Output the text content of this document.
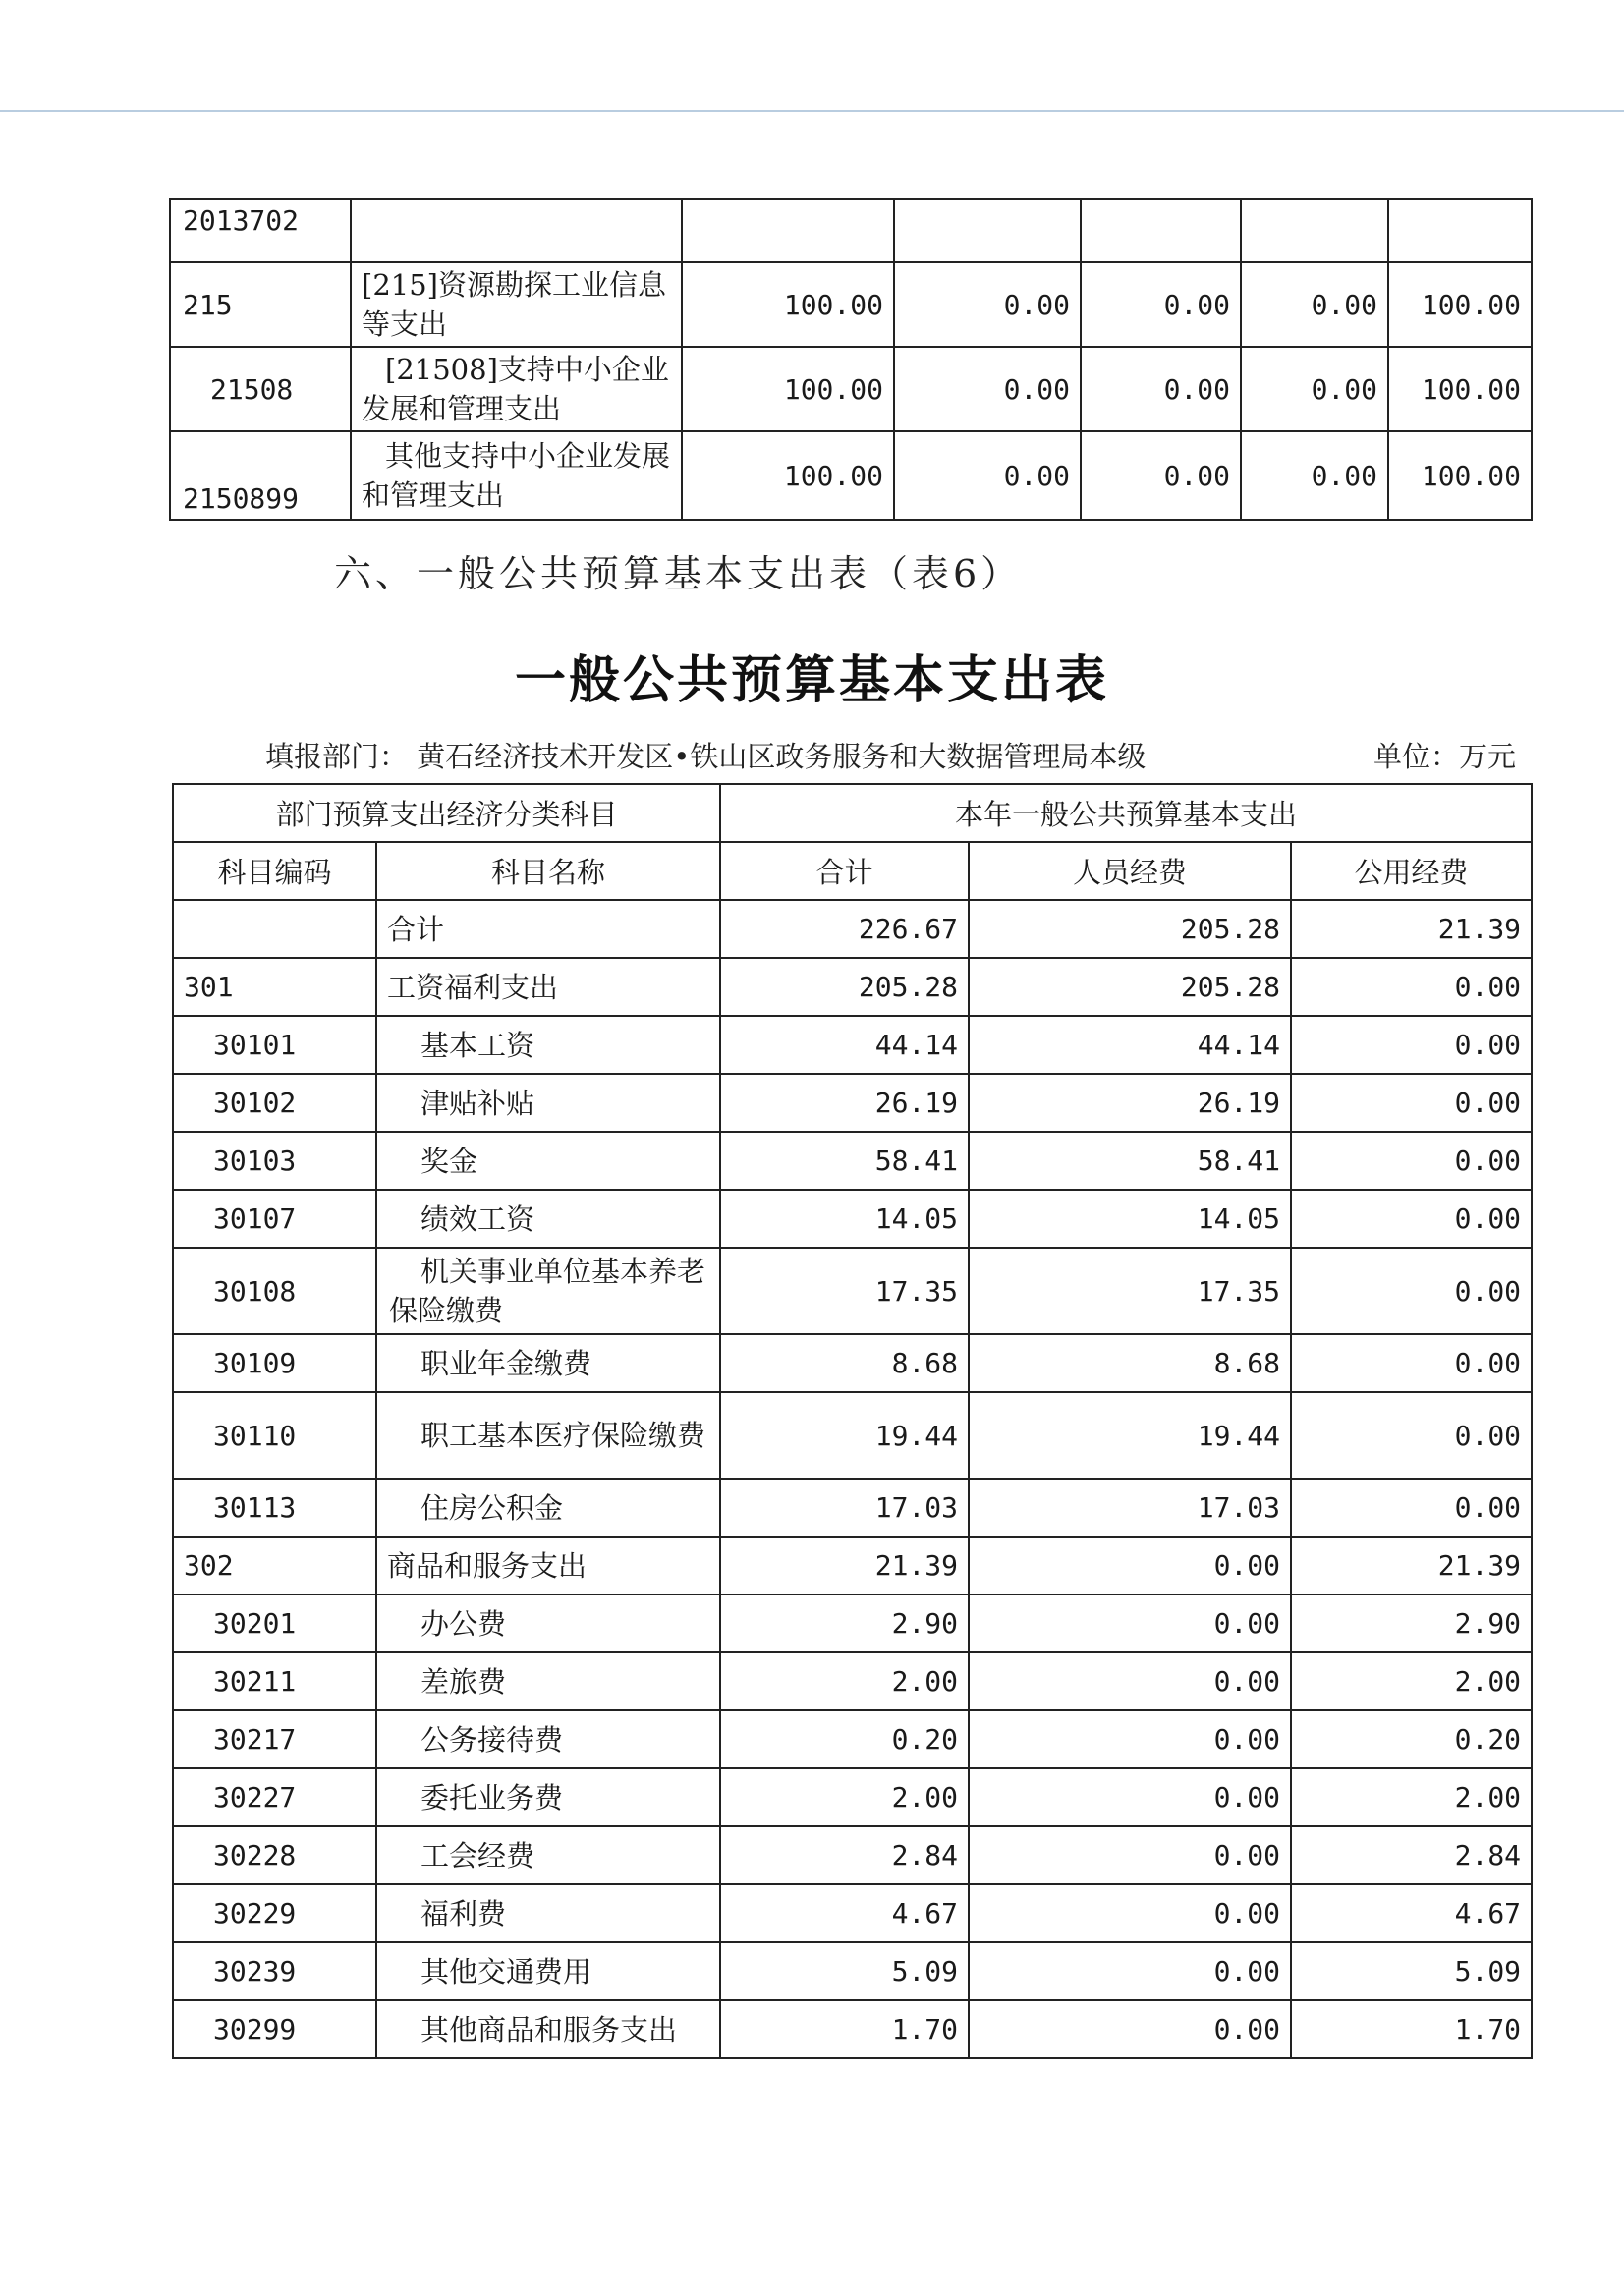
2013702						
215	[215]资源勘探工业信息等支出	100.00	0.00	0.00	0.00	100.00
21508	[21508]支持中小企业发展和管理支出	100.00	0.00	0.00	0.00	100.00
2150899	其他支持中小企业发展和管理支出	100.00	0.00	0.00	0.00	100.00
六、一般公共预算基本支出表（表6）
一般公共预算基本支出表
填报部门： 黄石经济技术开发区•铁山区政务服务和大数据管理局本级	单位：万元
部门预算支出经济分类科目		本年一般公共预算基本支出		
科目编码	科目名称	合计	人员经费	公用经费
	合计	226.67	205.28	21.39
301	工资福利支出	205.28	205.28	0.00
30101	基本工资	44.14	44.14	0.00
30102	津贴补贴	26.19	26.19	0.00
30103	奖金	58.41	58.41	0.00
30107	绩效工资	14.05	14.05	0.00
30108	机关事业单位基本养老保险缴费	17.35	17.35	0.00
30109	职业年金缴费	8.68	8.68	0.00
30110	职工基本医疗保险缴费	19.44	19.44	0.00
30113	住房公积金	17.03	17.03	0.00
302	商品和服务支出	21.39	0.00	21.39
30201	办公费	2.90	0.00	2.90
30211	差旅费	2.00	0.00	2.00
30217	公务接待费	0.20	0.00	0.20
30227	委托业务费	2.00	0.00	2.00
30228	工会经费	2.84	0.00	2.84
30229	福利费	4.67	0.00	4.67
30239	其他交通费用	5.09	0.00	5.09
30299	其他商品和服务支出	1.70	0.00	1.70
